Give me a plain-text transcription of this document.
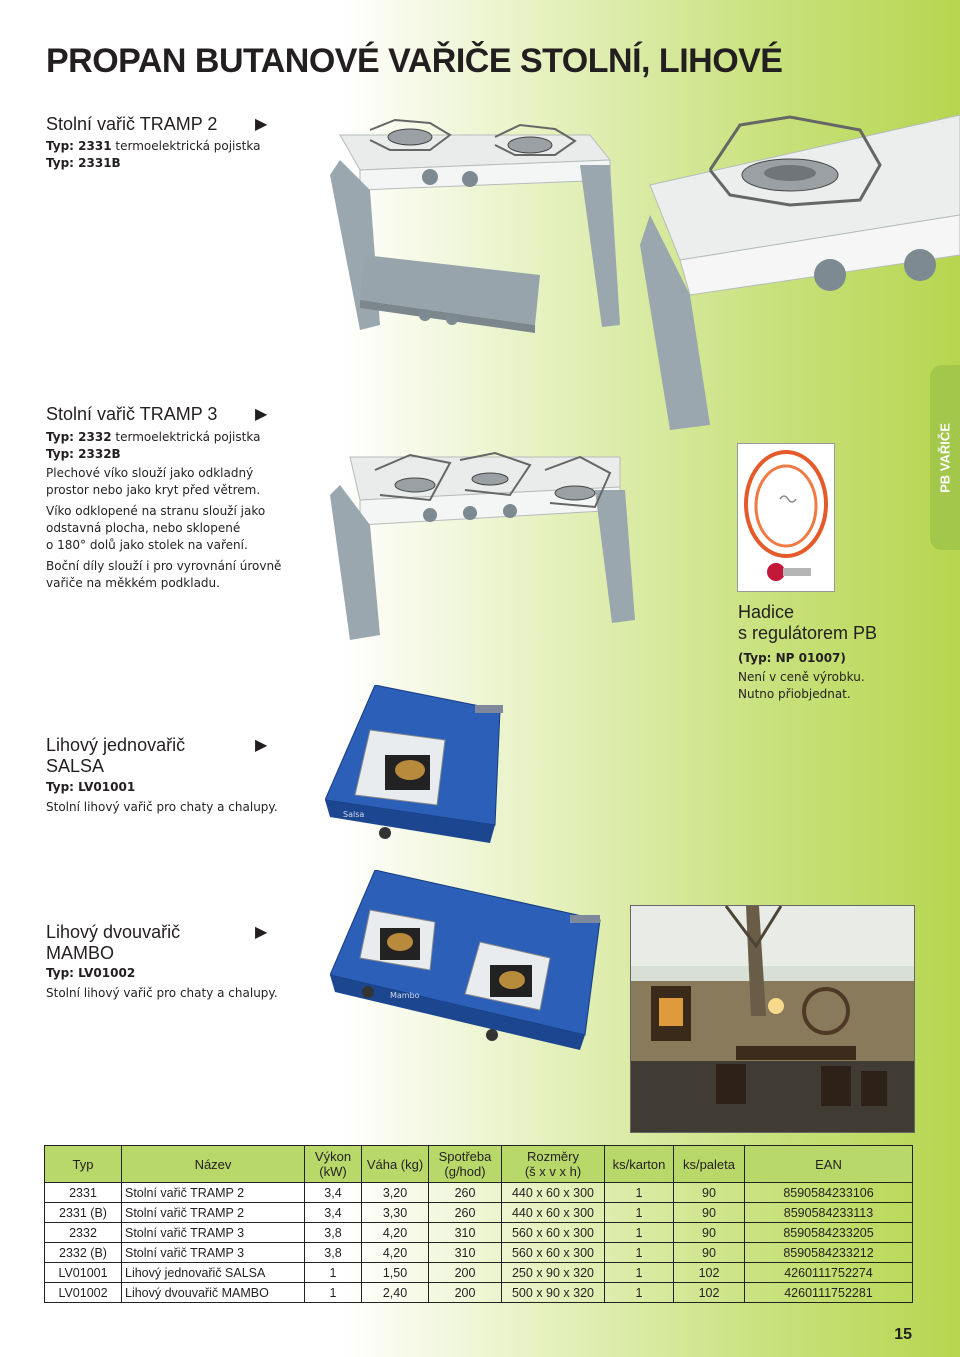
PROPAN BUTANOVÉ VAŘIČE STOLNÍ, LIHOVÉ
PB VAŘIČE
Stolní vařič TRAMP 2 ▶
Typ: 2331 termoelektrická pojistka
Typ: 2331B
Stolní vařič TRAMP 3 ▶
Typ: 2332 termoelektrická pojistka
Typ: 2332B
Plechové víko slouží jako odkladný
prostor nebo jako kryt před větrem.
Víko odklopené na stranu slouží jako
odstavná plocha, nebo sklopené
o 180° dolů jako stolek na vaření.
Boční díly slouží i pro vyrovnání úrovně
vařiče na měkkém podkladu.
Hadice
s regulátorem PB
(Typ: NP 01007)
Není v ceně výrobku.
Nutno přiobjednat.
Lihový jednovařič
SALSA
▶
Typ: LV01001
Stolní lihový vařič pro chaty a chalupy.
Salsa
Lihový dvouvařič
MAMBO
▶
Typ: LV01002
Stolní lihový vařič pro chaty a chalupy.	Mambo
Typ	Název	Výkon
(kW)	Váha (kg)	Spotřeba
(g/hod)	Rozměry
(š x v x h)	ks/karton	ks/paleta	EAN
2331	Stolní vařič TRAMP 2	3,4	3,20	260	440 x 60 x 300	1	90	8590584233106
2331 (B)	Stolní vařič TRAMP 2	3,4	3,30	260	440 x 60 x 300	1	90	8590584233113
2332	Stolní vařič TRAMP 3	3,8	4,20	310	560 x 60 x 300	1	90	8590584233205
2332 (B)	Stolní vařič TRAMP 3	3,8	4,20	310	560 x 60 x 300	1	90	8590584233212
LV01001	Lihový jednovařič SALSA	1	1,50	200	250 x 90 x 320	1	102	4260111752274
LV01002	Lihový dvouvařič MAMBO	1	2,40	200	500 x 90 x 320	1	102	4260111752281
15
